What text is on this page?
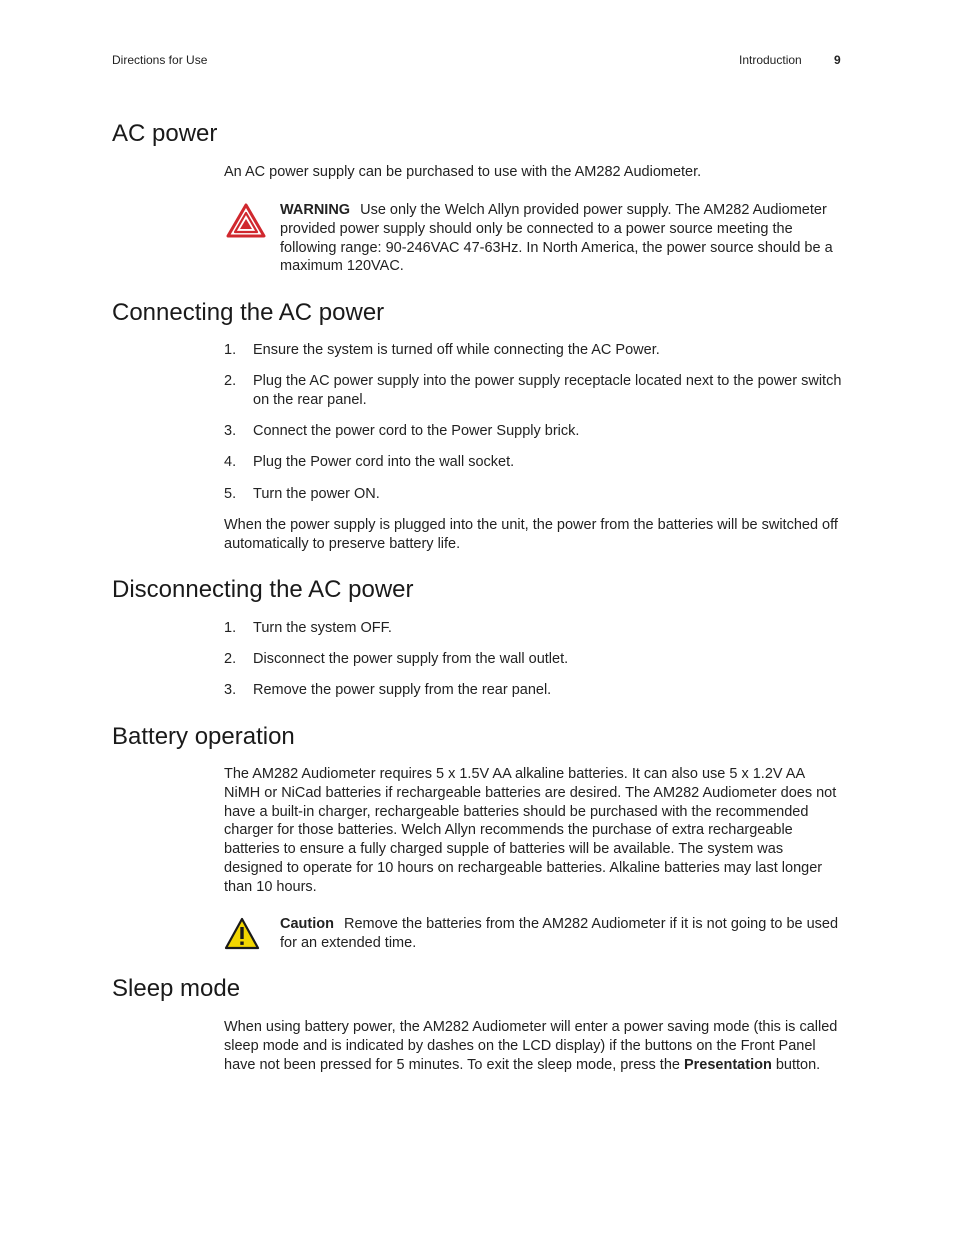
Directions for Use	Introduction	9
AC power

An AC power supply can be purchased to use with the AM282 Audiometer.

WARNING Use only the Welch Allyn provided power supply. The AM282 Audiometer provided power supply should only be connected to a power source meeting the following range: 90-246VAC 47-63Hz. In North America, the power source should be a maximum 120VAC.

Connecting the AC power
1. Ensure the system is turned off while connecting the AC Power.
2. Plug the AC power supply into the power supply receptacle located next to the power switch on the rear panel.
3. Connect the power cord to the Power Supply brick.
4. Plug the Power cord into the wall socket.
5. Turn the power ON.

When the power supply is plugged into the unit, the power from the batteries will be switched off automatically to preserve battery life.

Disconnecting the AC power
1. Turn the system OFF.
2. Disconnect the power supply from the wall outlet.
3. Remove the power supply from the rear panel.
Battery operation

The AM282 Audiometer requires 5 x 1.5V AA alkaline batteries. It can also use 5 x 1.2V AA NiMH or NiCad batteries if rechargeable batteries are desired. The AM282 Audiometer does not have a built-in charger, rechargeable batteries should be purchased with the recommended charger for those batteries. Welch Allyn recommends the purchase of extra rechargeable batteries to ensure a fully charged supple of batteries will be available. The system was designed to operate for 10 hours on rechargeable batteries. Alkaline batteries may last longer than 10 hours.

Caution Remove the batteries from the AM282 Audiometer if it is not going to be used for an extended time.

Sleep mode

When using battery power, the AM282 Audiometer will enter a power saving mode (this is called sleep mode and is indicated by dashes on the LCD display) if the buttons on the Front Panel have not been pressed for 5 minutes. To exit the sleep mode, press the Presentation button.
